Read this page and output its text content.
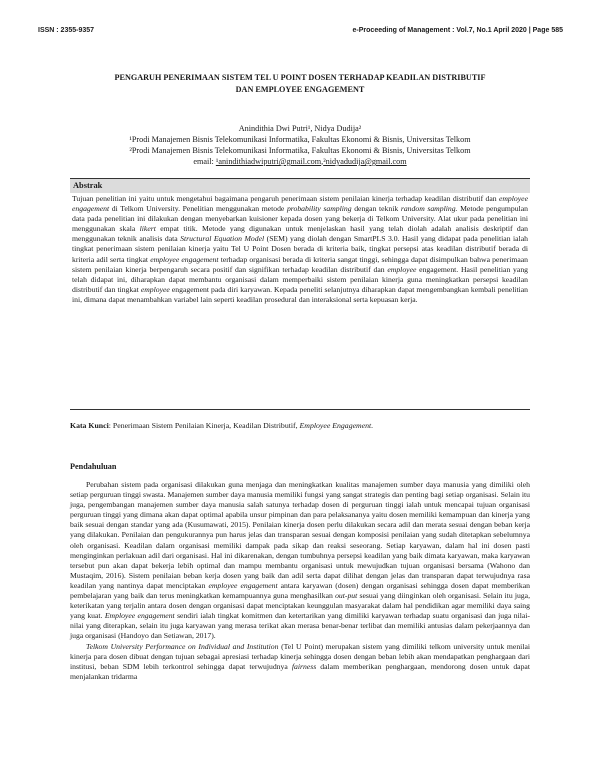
ISSN : 2355-9357	e-Proceeding of Management : Vol.7, No.1 April 2020 | Page 585
PENGARUH PENERIMAAN SISTEM TEL U POINT DOSEN TERHADAP KEADILAN DISTRIBUTIF
DAN EMPLOYEE ENGAGEMENT
Anindithia Dwi Putri¹, Nidya Dudija²
¹Prodi Manajemen Bisnis Telekomunikasi Informatika, Fakultas Ekonomi & Bisnis, Universitas Telkom
²Prodi Manajemen Bisnis Telekomunikasi Informatika, Fakultas Ekonomi & Bisnis, Universitas Telkom
email: ¹anindithiadwiputri@gmail.com,²nidyadudija@gmail.com
Abstrak

Tujuan penelitian ini yaitu untuk mengetahui bagaimana pengaruh penerimaan sistem penilaian kinerja terhadap keadilan distributif dan employee engagement di Telkom University. Penelitian menggunakan metode probability sampling dengan teknik random sampling. Metode pengumpulan data pada penelitian ini dilakukan dengan menyebarkan kuisioner kepada dosen yang bekerja di Telkom University. Alat ukur pada penelitian ini menggunakan skala likert empat titik. Metode yang digunakan untuk menjelaskan hasil yang telah diolah adalah analisis deskriptif dan menggunakan teknik analisis data Structural Equation Model (SEM) yang diolah dengan SmartPLS 3.0. Hasil yang didapat pada penelitian ialah tingkat penerimaan sistem penilaian kinerja yaitu Tel U Point Dosen berada di kriteria baik, tingkat persepsi atas keadilan distributif berada di kriteria adil serta tingkat employee engagement terhadap organisasi berada di kriteria sangat tinggi, sehingga dapat disimpulkan bahwa penerimaan sistem penilaian kinerja berpengaruh secara positif dan signifikan terhadap keadilan distributif dan employee engagement. Hasil penelitian yang telah didapat ini, diharapkan dapat membantu organisasi dalam memperbaiki sistem penilaian kinerja guna meningkatkan persepsi keadilan distributif dan tingkat employee engagement pada diri karyawan. Kepada peneliti selanjutnya diharapkan dapat mengembangkan kembali penelitian ini, dimana dapat menambahkan variabel lain seperti keadilan prosedural dan interaksional serta kepuasan kerja.

Kata Kunci: Penerimaan Sistem Penilaian Kinerja, Keadilan Distributif, Employee Engagement.
Pendahuluan

Perubahan sistem pada organisasi dilakukan guna menjaga dan meningkatkan kualitas manajemen sumber daya manusia yang dimiliki oleh setiap perguruan tinggi swasta. Manajemen sumber daya manusia memiliki fungsi yang sangat strategis dan penting bagi setiap organisasi. Selain itu juga, pengembangan manajemen sumber daya manusia salah satunya terhadap dosen di perguruan tinggi ialah untuk mencapai tujuan organisasi perguruan tinggi yang dimana akan dapat optimal apabila unsur pimpinan dan para pelaksananya yaitu dosen memiliki kemampuan dan kinerja yang baik sesuai dengan standar yang ada (Kusumawati, 2015). Penilaian kinerja dosen perlu dilakukan secara adil dan merata sesuai dengan beban kerja yang dilakukan. Penilaian dan pengukurannya pun harus jelas dan transparan sesuai dengan komposisi penilaian yang sudah ditetapkan sebelumnya oleh organisasi. Keadilan dalam organisasi memiliki dampak pada sikap dan reaksi seseorang. Setiap karyawan, dalam hal ini dosen pasti menginginkan perlakuan adil dari organisasi. Hal ini dikarenakan, dengan tumbuhnya persepsi keadilan yang baik dimata karyawan, maka karyawan tersebut pun akan dapat bekerja lebih optimal dan mampu membantu organisasi untuk mewujudkan tujuan organisasi bersama (Wahono dan Mustaqim, 2016). Sistem penilaian beban kerja dosen yang baik dan adil serta dapat dilihat dengan jelas dan transparan dapat terwujudnya rasa keadilan yang nantinya dapat menciptakan employee engagement antara karyawan (dosen) dengan organisasi sehingga dosen dapat memberikan pembelajaran yang baik dan terus meningkatkan kemampuannya guna menghasilkan out-put sesuai yang diinginkan oleh organisasi. Selain itu juga, keterikatan yang terjalin antara dosen dengan organisasi dapat menciptakan keunggulan masyarakat dalam hal pendidikan agar memiliki daya saing yang kuat. Employee engagement sendiri ialah tingkat komitmen dan ketertarikan yang dimiliki karyawan terhadap suatu organisasi dan juga nilai-nilai yang diterapkan, selain itu juga karyawan yang merasa terikat akan merasa benar-benar terlibat dan memiliki antusias dalam pekerjaannya dan juga organisasi (Handoyo dan Setiawan, 2017).

Telkom University Performance on Individual and Institution (Tel U Point) merupakan sistem yang dimiliki telkom university untuk menilai kinerja para dosen dibuat dengan tujuan sebagai apresiasi terhadap kinerja sehingga dosen dengan beban lebih akan mendapatkan penghargaan dari institusi, beban SDM lebih terkontrol sehingga dapat terwujudnya fairness dalam memberikan penghargaan, mendorong dosen untuk dapat menjalankan tridarma
